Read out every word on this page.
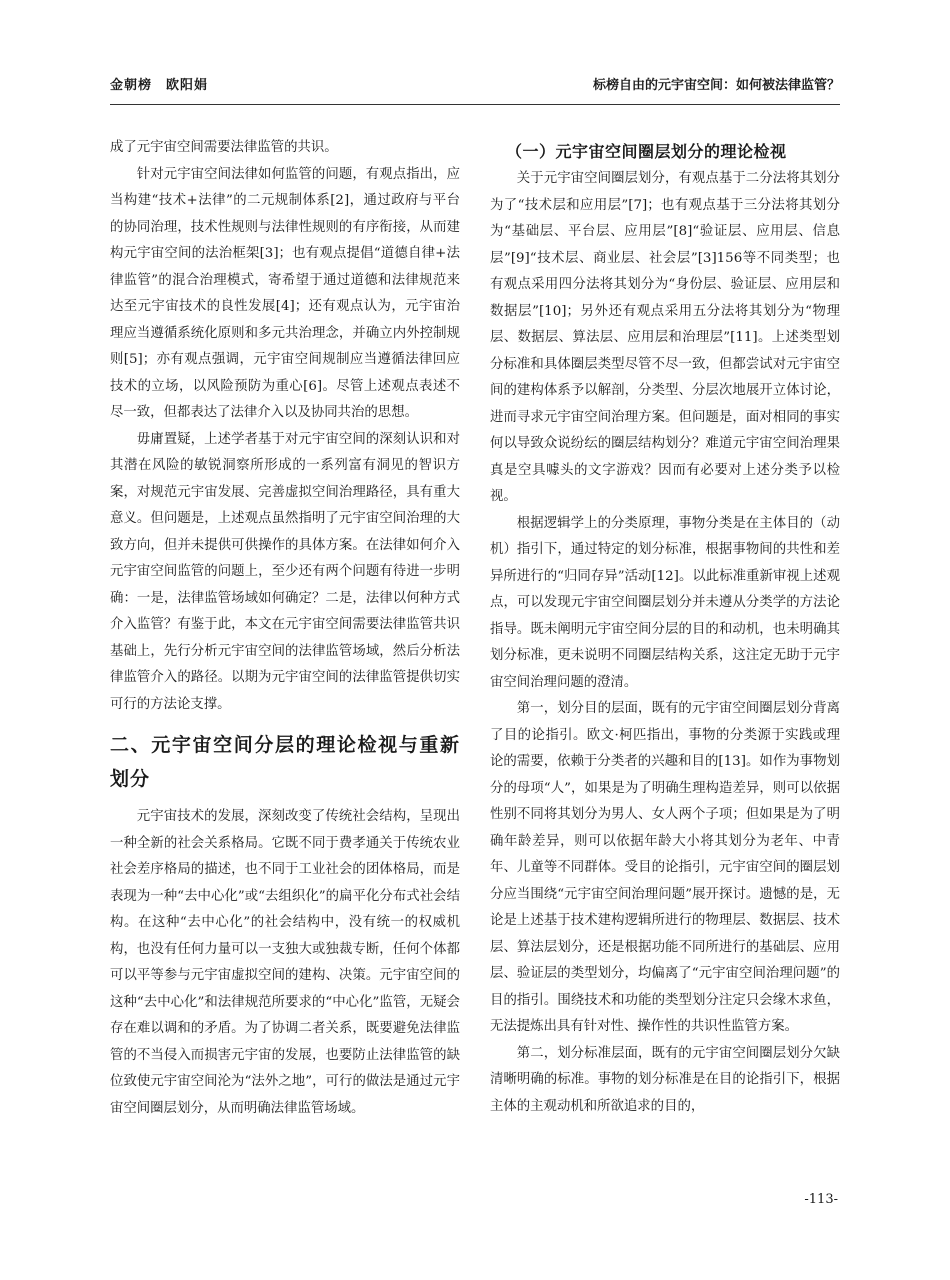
金朝榜　欧阳娟	标榜自由的元宇宙空间：如何被法律监管？

成了元宇宙空间需要法律监管的共识。

针对元宇宙空间法律如何监管的问题，有观点指出，应当构建“技术+法律”的二元规制体系[2]，通过政府与平台的协同治理，技术性规则与法律性规则的有序衔接，从而建构元宇宙空间的法治框架[3]；也有观点提倡“道德自律+法律监管”的混合治理模式，寄希望于通过道德和法律规范来达至元宇宙技术的良性发展[4]；还有观点认为，元宇宙治理应当遵循系统化原则和多元共治理念，并确立内外控制规则[5]；亦有观点强调，元宇宙空间规制应当遵循法律回应技术的立场，以风险预防为重心[6]。尽管上述观点表述不尽一致，但都表达了法律介入以及协同共治的思想。

毋庸置疑，上述学者基于对元宇宙空间的深刻认识和对其潜在风险的敏锐洞察所形成的一系列富有洞见的智识方案，对规范元宇宙发展、完善虚拟空间治理路径，具有重大意义。但问题是，上述观点虽然指明了元宇宙空间治理的大致方向，但并未提供可供操作的具体方案。在法律如何介入元宇宙空间监管的问题上，至少还有两个问题有待进一步明确：一是，法律监管场域如何确定？二是，法律以何种方式介入监管？有鉴于此，本文在元宇宙空间需要法律监管共识基础上，先行分析元宇宙空间的法律监管场域，然后分析法律监管介入的路径。以期为元宇宙空间的法律监管提供切实可行的方法论支撑。

二、元宇宙空间分层的理论检视与重新划分

元宇宙技术的发展，深刻改变了传统社会结构，呈现出一种全新的社会关系格局。它既不同于费孝通关于传统农业社会差序格局的描述，也不同于工业社会的团体格局，而是表现为一种“去中心化”或“去组织化”的扁平化分布式社会结构。在这种“去中心化”的社会结构中，没有统一的权威机构，也没有任何力量可以一支独大或独裁专断，任何个体都可以平等参与元宇宙虚拟空间的建构、决策。元宇宙空间的这种“去中心化”和法律规范所要求的“中心化”监管，无疑会存在难以调和的矛盾。为了协调二者关系，既要避免法律监管的不当侵入而损害元宇宙的发展，也要防止法律监管的缺位致使元宇宙空间沦为“法外之地”，可行的做法是通过元宇宙空间圈层划分，从而明确法律监管场域。

（一）元宇宙空间圈层划分的理论检视

关于元宇宙空间圈层划分，有观点基于二分法将其划分为了“技术层和应用层”[7]；也有观点基于三分法将其划分为“基础层、平台层、应用层”[8]“验证层、应用层、信息层”[9]“技术层、商业层、社会层”[3]156等不同类型；也有观点采用四分法将其划分为“身份层、验证层、应用层和数据层”[10]；另外还有观点采用五分法将其划分为“物理层、数据层、算法层、应用层和治理层”[11]。上述类型划分标准和具体圈层类型尽管不尽一致，但都尝试对元宇宙空间的建构体系予以解剖，分类型、分层次地展开立体讨论，进而寻求元宇宙空间治理方案。但问题是，面对相同的事实何以导致众说纷纭的圈层结构划分？难道元宇宙空间治理果真是空具噱头的文字游戏？因而有必要对上述分类予以检视。

根据逻辑学上的分类原理，事物分类是在主体目的（动机）指引下，通过特定的划分标准，根据事物间的共性和差异所进行的“归同存异”活动[12]。以此标准重新审视上述观点，可以发现元宇宙空间圈层划分并未遵从分类学的方法论指导。既未阐明元宇宙空间分层的目的和动机，也未明确其划分标准，更未说明不同圈层结构关系，这注定无助于元宇宙空间治理问题的澄清。

第一，划分目的层面，既有的元宇宙空间圈层划分背离了目的论指引。欧文·柯匹指出，事物的分类源于实践或理论的需要，依赖于分类者的兴趣和目的[13]。如作为事物划分的母项“人”，如果是为了明确生理构造差异，则可以依据性别不同将其划分为男人、女人两个子项；但如果是为了明确年龄差异，则可以依据年龄大小将其划分为老年、中青年、儿童等不同群体。受目的论指引，元宇宙空间的圈层划分应当围绕“元宇宙空间治理问题”展开探讨。遗憾的是，无论是上述基于技术建构逻辑所进行的物理层、数据层、技术层、算法层划分，还是根据功能不同所进行的基础层、应用层、验证层的类型划分，均偏离了“元宇宙空间治理问题”的目的指引。围绕技术和功能的类型划分注定只会缘木求鱼，无法提炼出具有针对性、操作性的共识性监管方案。

第二，划分标准层面，既有的元宇宙空间圈层划分欠缺清晰明确的标准。事物的划分标准是在目的论指引下，根据主体的主观动机和所欲追求的目的，

-113-
